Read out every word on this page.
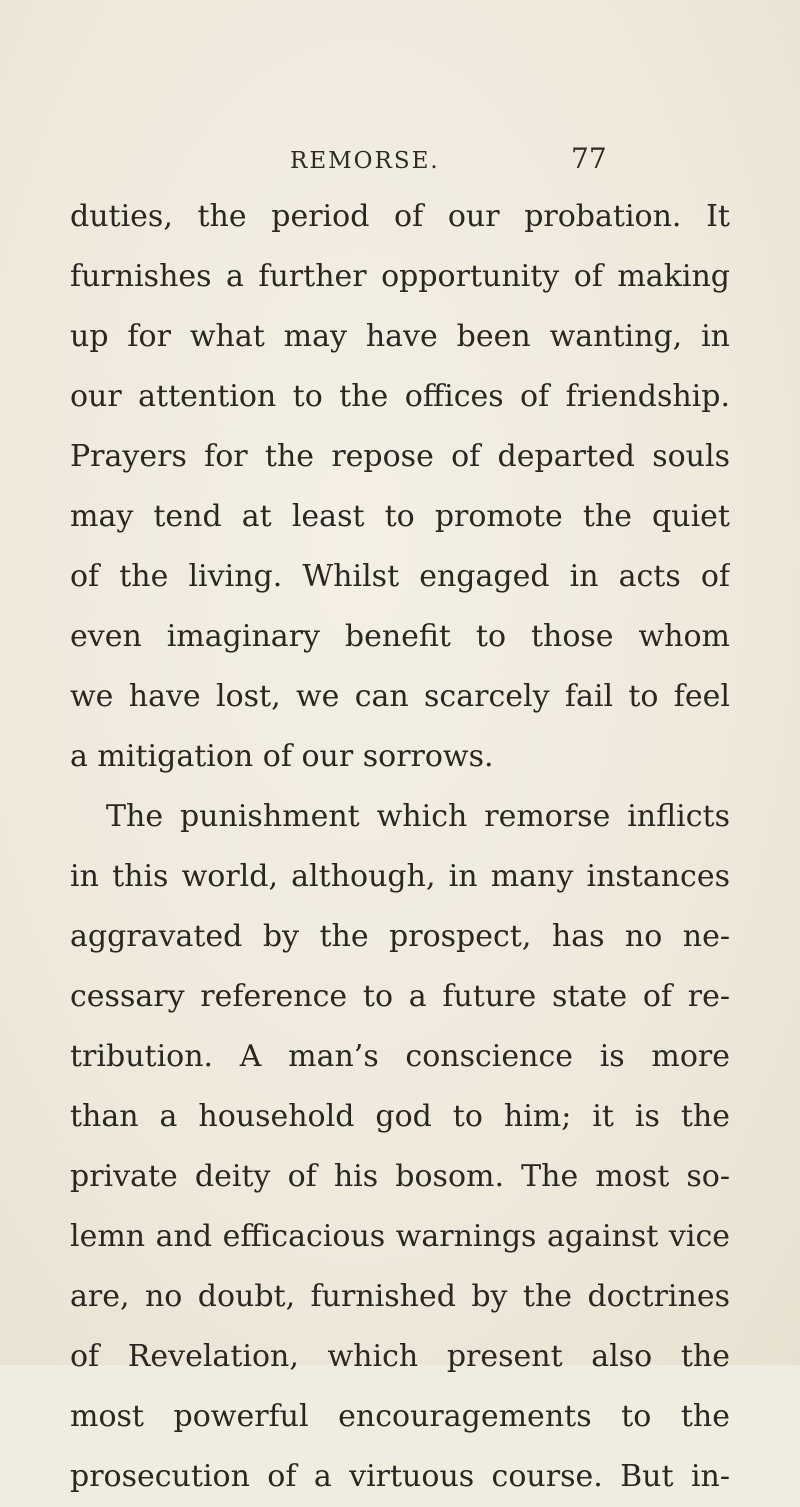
REMORSE.	77
duties, the period of our probation. It
furnishes a further opportunity of making
up for what may have been wanting, in
our attention to the offices of friendship.
Prayers for the repose of departed souls
may tend at least to promote the quiet
of the living. Whilst engaged in acts of
even imaginary benefit to those whom
we have lost, we can scarcely fail to feel
a mitigation of our sorrows.
The punishment which remorse inflicts
in this world, although, in many instances
aggravated by the prospect, has no ne-
cessary reference to a future state of re-
tribution. A man’s conscience is more
than a household god to him; it is the
private deity of his bosom. The most so-
lemn and efficacious warnings against vice
are, no doubt, furnished by the doctrines
of Revelation, which present also the
most powerful encouragements to the
prosecution of a virtuous course. But in-
